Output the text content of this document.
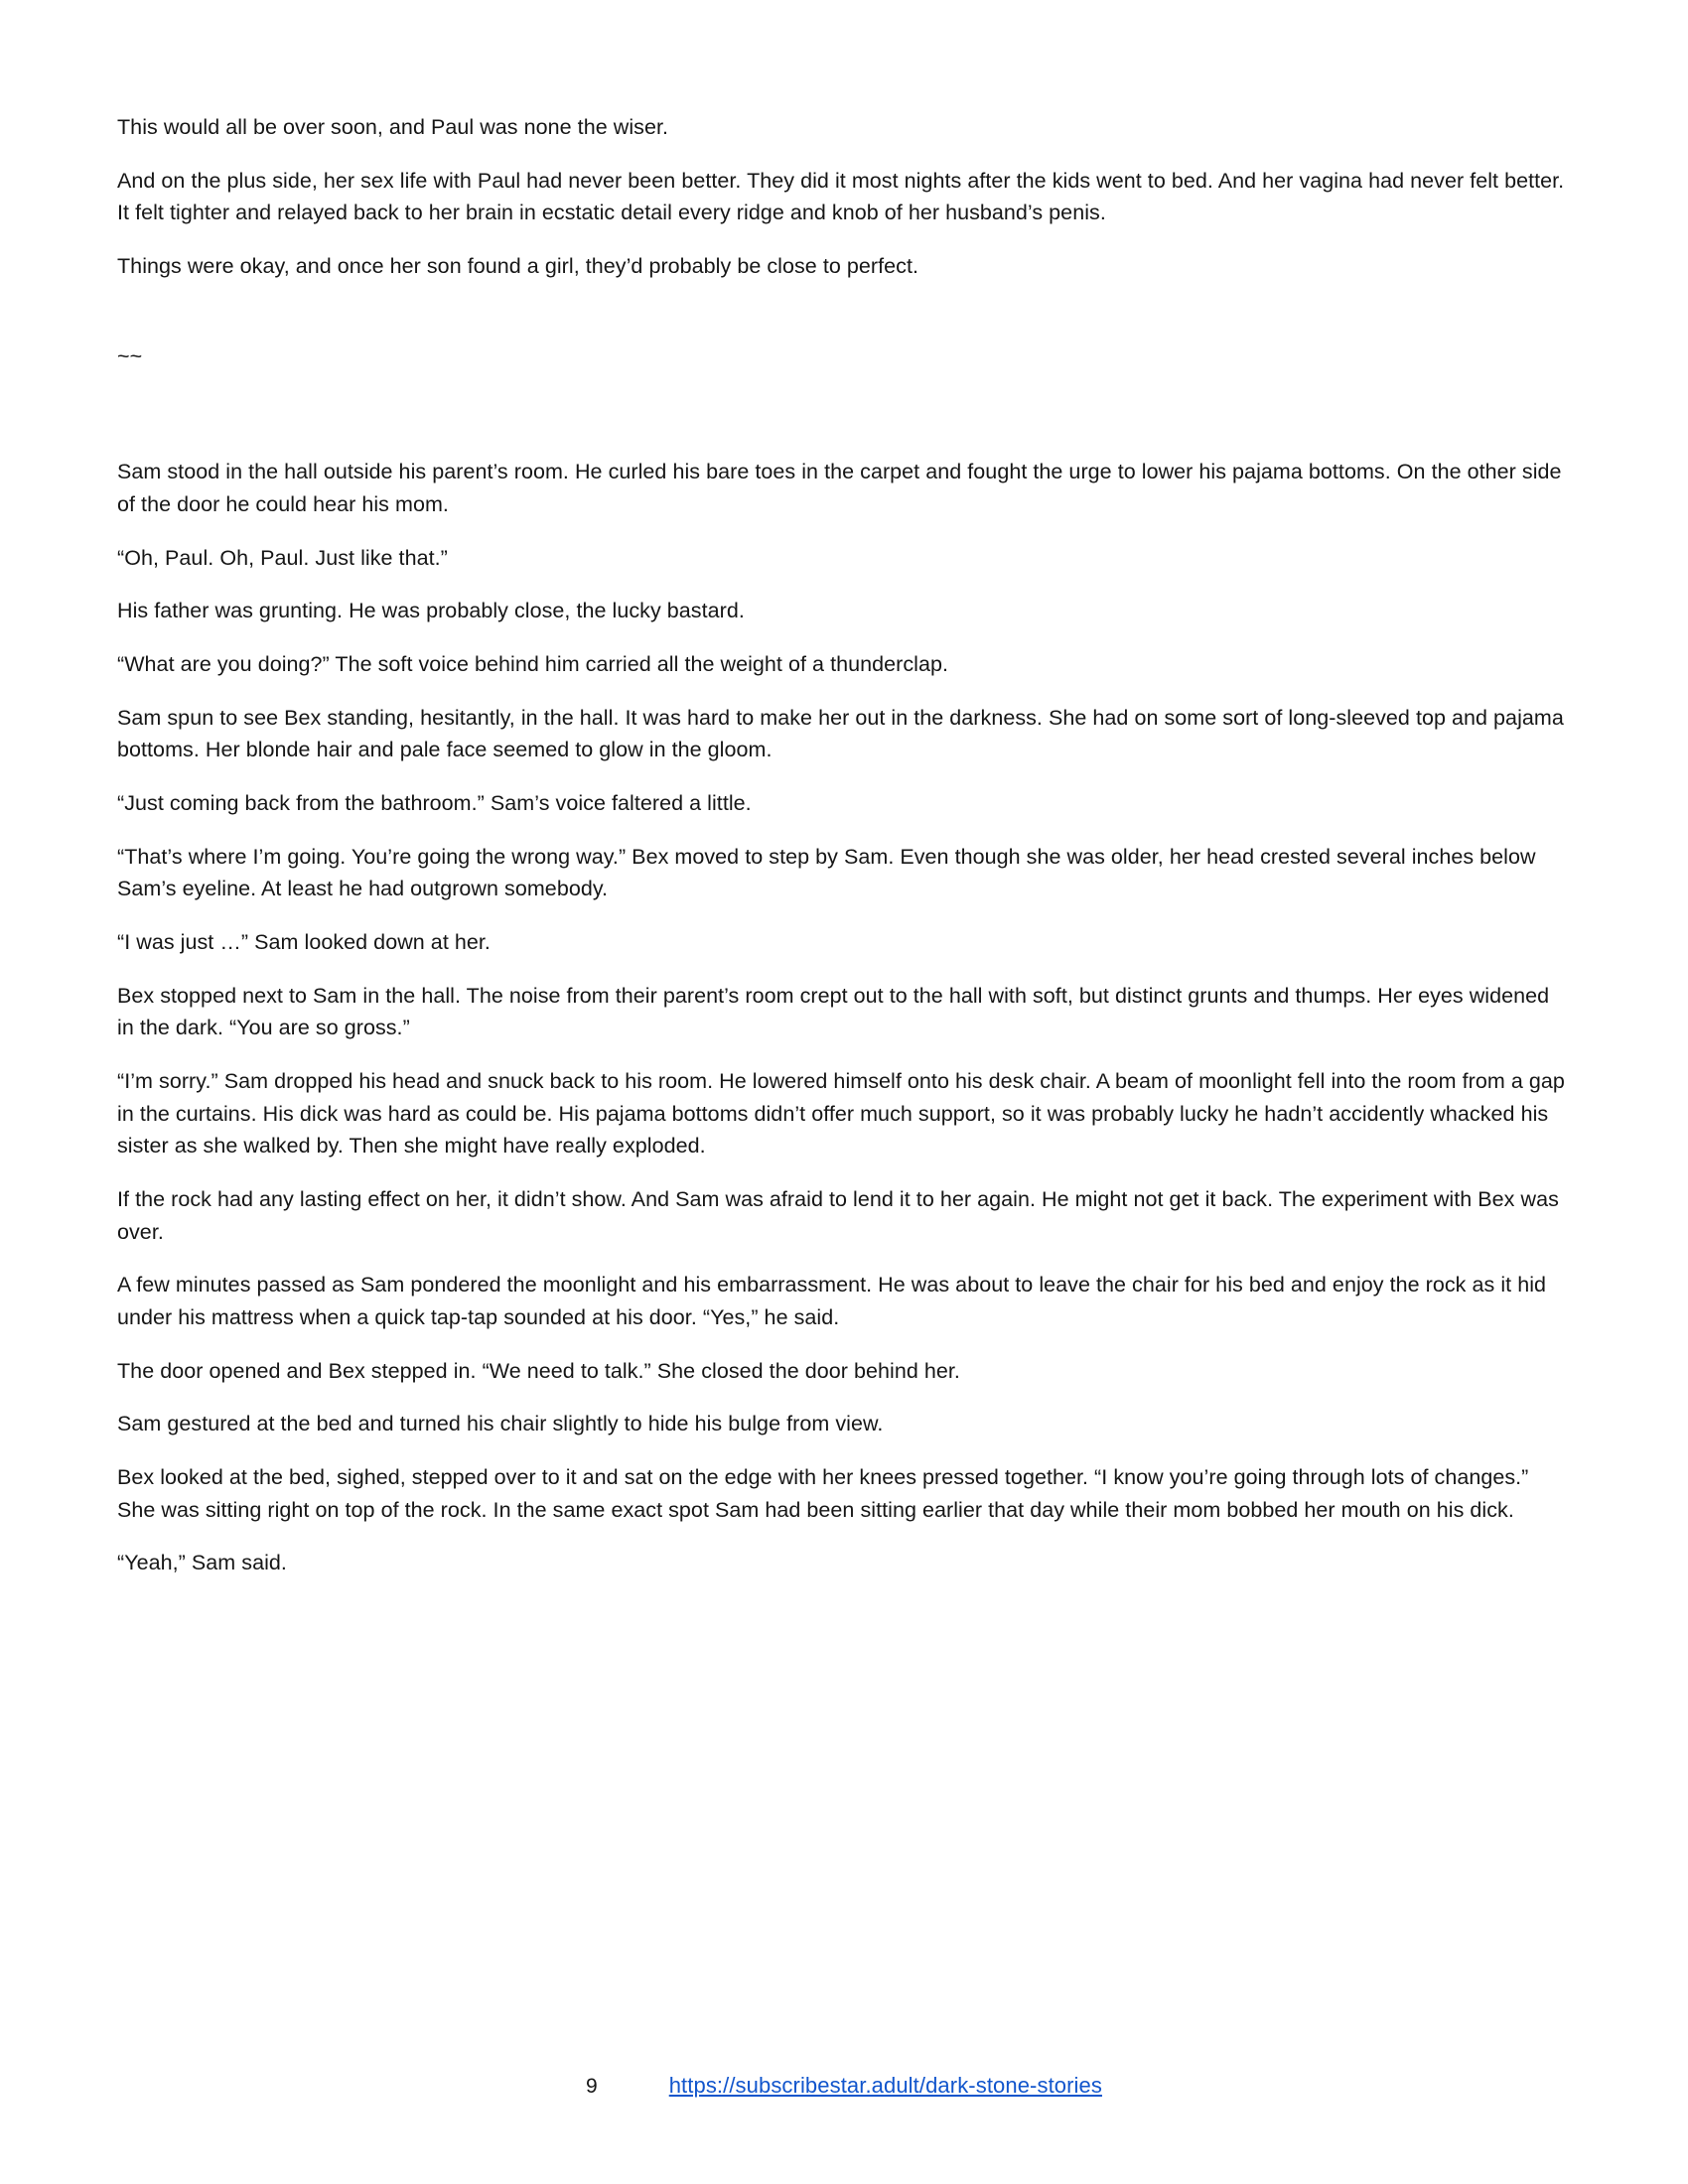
This would all be over soon, and Paul was none the wiser.

And on the plus side, her sex life with Paul had never been better. They did it most nights after the kids went to bed. And her vagina had never felt better. It felt tighter and relayed back to her brain in ecstatic detail every ridge and knob of her husband’s penis.

Things were okay, and once her son found a girl, they’d probably be close to perfect.

~~

Sam stood in the hall outside his parent’s room. He curled his bare toes in the carpet and fought the urge to lower his pajama bottoms. On the other side of the door he could hear his mom.

“Oh, Paul. Oh, Paul. Just like that.”

His father was grunting. He was probably close, the lucky bastard.

“What are you doing?” The soft voice behind him carried all the weight of a thunderclap.

Sam spun to see Bex standing, hesitantly, in the hall. It was hard to make her out in the darkness. She had on some sort of long-sleeved top and pajama bottoms. Her blonde hair and pale face seemed to glow in the gloom.

“Just coming back from the bathroom.” Sam’s voice faltered a little.

“That’s where I’m going. You’re going the wrong way.” Bex moved to step by Sam. Even though she was older, her head crested several inches below Sam’s eyeline. At least he had outgrown somebody.

“I was just …” Sam looked down at her.

Bex stopped next to Sam in the hall. The noise from their parent’s room crept out to the hall with soft, but distinct grunts and thumps. Her eyes widened in the dark. “You are so gross.”

“I’m sorry.” Sam dropped his head and snuck back to his room. He lowered himself onto his desk chair. A beam of moonlight fell into the room from a gap in the curtains. His dick was hard as could be. His pajama bottoms didn’t offer much support, so it was probably lucky he hadn’t accidently whacked his sister as she walked by. Then she might have really exploded.

If the rock had any lasting effect on her, it didn’t show. And Sam was afraid to lend it to her again. He might not get it back. The experiment with Bex was over.

A few minutes passed as Sam pondered the moonlight and his embarrassment. He was about to leave the chair for his bed and enjoy the rock as it hid under his mattress when a quick tap-tap sounded at his door. “Yes,” he said.

The door opened and Bex stepped in. “We need to talk.” She closed the door behind her.

Sam gestured at the bed and turned his chair slightly to hide his bulge from view.

Bex looked at the bed, sighed, stepped over to it and sat on the edge with her knees pressed together. “I know you’re going through lots of changes.” She was sitting right on top of the rock. In the same exact spot Sam had been sitting earlier that day while their mom bobbed her mouth on his dick.

“Yeah,” Sam said.

9	https://subscribestar.adult/dark-stone-stories
